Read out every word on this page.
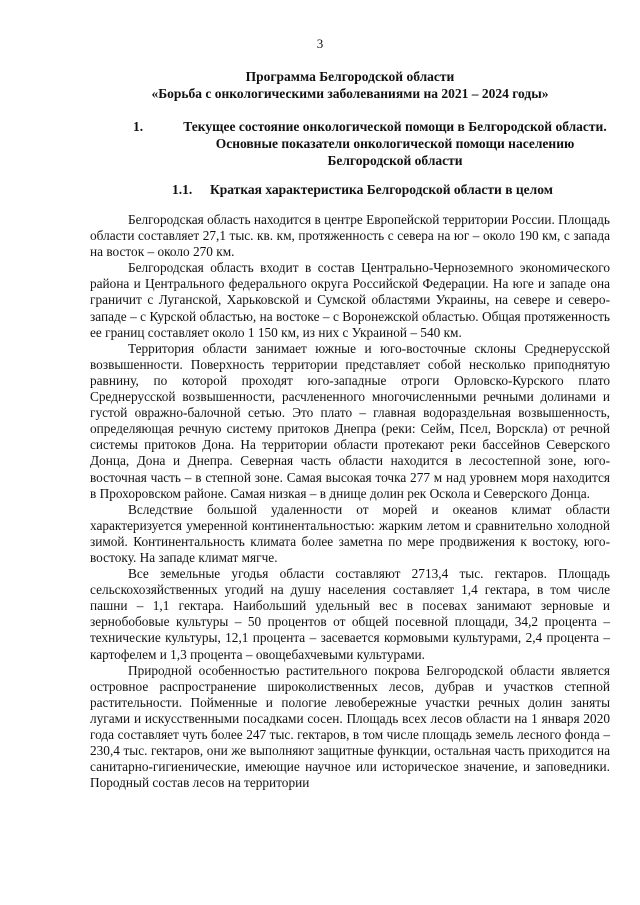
3
Программа Белгородской области
«Борьба с онкологическими заболеваниями на 2021 – 2024 годы»
1.	Текущее состояние онкологической помощи в Белгородской области. Основные показатели онкологической помощи населению Белгородской области
1.1. Краткая характеристика Белгородской области в целом

Белгородская область находится в центре Европейской территории России. Площадь области составляет 27,1 тыс. кв. км, протяженность с севера на юг – около 190 км, с запада на восток – около 270 км.

Белгородская область входит в состав Центрально-Черноземного экономического района и Центрального федерального округа Российской Федерации. На юге и западе она граничит с Луганской, Харьковской и Сумской областями Украины, на севере и северо-западе – с Курской областью, на востоке – с Воронежской областью. Общая протяженность ее границ составляет около 1 150 км, из них с Украиной – 540 км.

Территория области занимает южные и юго-восточные склоны Среднерусской возвышенности. Поверхность территории представляет собой несколько приподнятую равнину, по которой проходят юго-западные отроги Орловско-Курского плато Среднерусской возвышенности, расчлененного многочисленными речными долинами и густой овражно-балочной сетью. Это плато – главная водораздельная возвышенность, определяющая речную систему притоков Днепра (реки: Сейм, Псел, Ворскла) от речной системы притоков Дона. На территории области протекают реки бассейнов Северского Донца, Дона и Днепра. Северная часть области находится в лесостепной зоне, юго-восточная часть – в степной зоне. Самая высокая точка 277 м над уровнем моря находится в Прохоровском районе. Самая низкая – в днище долин рек Оскола и Северского Донца.

Вследствие большой удаленности от морей и океанов климат области характеризуется умеренной континентальностью: жарким летом и сравнительно холодной зимой. Континентальность климата более заметна по мере продвижения к востоку, юго-востоку. На западе климат мягче.

Все земельные угодья области составляют 2713,4 тыс. гектаров. Площадь сельскохозяйственных угодий на душу населения составляет 1,4 гектара, в том числе пашни – 1,1 гектара. Наибольший удельный вес в посевах занимают зерновые и зернобобовые культуры – 50 процентов от общей посевной площади, 34,2 процента – технические культуры, 12,1 процента – засевается кормовыми культурами, 2,4 процента – картофелем и 1,3 процента – овощебахчевыми культурами.

Природной особенностью растительного покрова Белгородской области является островное распространение широколиственных лесов, дубрав и участков степной растительности. Пойменные и пологие левобережные участки речных долин заняты лугами и искусственными посадками сосен. Площадь всех лесов области на 1 января 2020 года составляет чуть более 247 тыс. гектаров, в том числе площадь земель лесного фонда –230,4 тыс. гектаров, они же выполняют защитные функции, остальная часть приходится на санитарно-гигиенические, имеющие научное или историческое значение, и заповедники. Породный состав лесов на территории
